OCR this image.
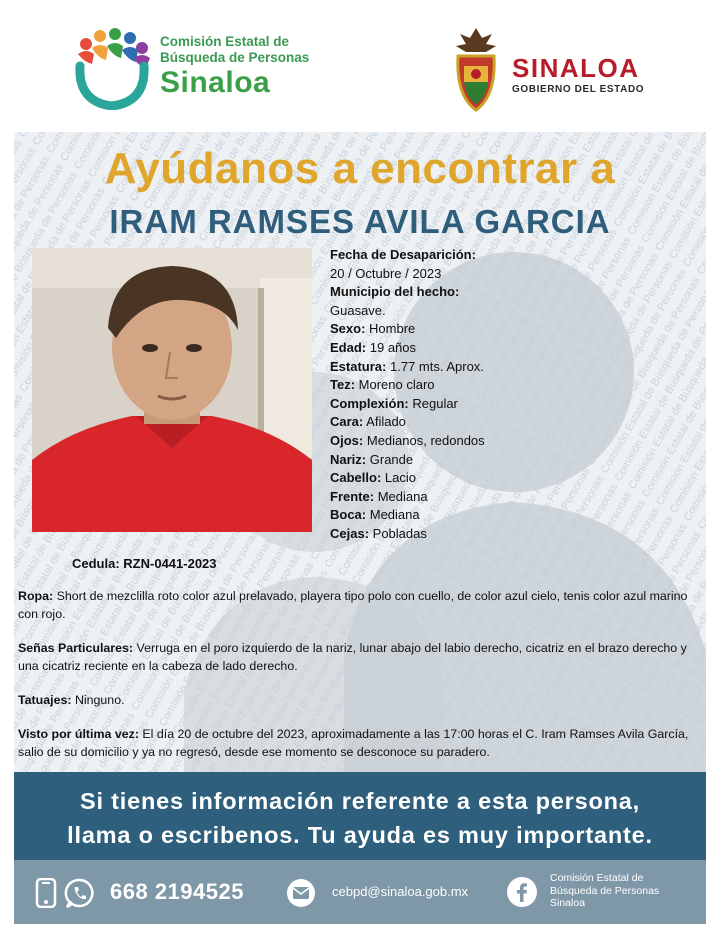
Comisión Estatal de
Búsqueda de Personas
Sinaloa	SINALOA
GOBIERNO DEL ESTADO
Ayúdanos a encontrar a
IRAM RAMSES AVILA GARCIA
Cedula: RZN-0441-2023
Fecha de Desaparición:
20 / Octubre / 2023
Municipio del hecho:
Guasave.
Sexo: Hombre
Edad: 19 años
Estatura: 1.77 mts. Aprox.
Tez: Moreno claro
Complexión: Regular
Cara: Afilado
Ojos: Medianos, redondos
Nariz: Grande
Cabello: Lacio
Frente: Mediana
Boca: Mediana
Cejas: Pobladas
Ropa: Short de mezclilla roto color azul prelavado, playera tipo polo con cuello, de color azul cielo, tenis color azul marino con rojo.
Señas Particulares: Verruga en el poro izquierdo de la nariz, lunar abajo del labio derecho, cicatriz en el brazo derecho y una cicatriz reciente en la cabeza de lado derecho.
Tatuajes: Ninguno.
Visto por última vez: El día 20 de octubre del 2023, aproximadamente a las 17:00 horas el C. Iram Ramses Avila García, salio de su domicilio y ya no regresó, desde ese momento se desconoce su paradero.
Si tienes información referente a esta persona,
llama o escribenos. Tu ayuda es muy importante.
668 2194525	cebpd@sinaloa.gob.mx
Comisión Estatal de
Búsqueda de Personas
Sinaloa
